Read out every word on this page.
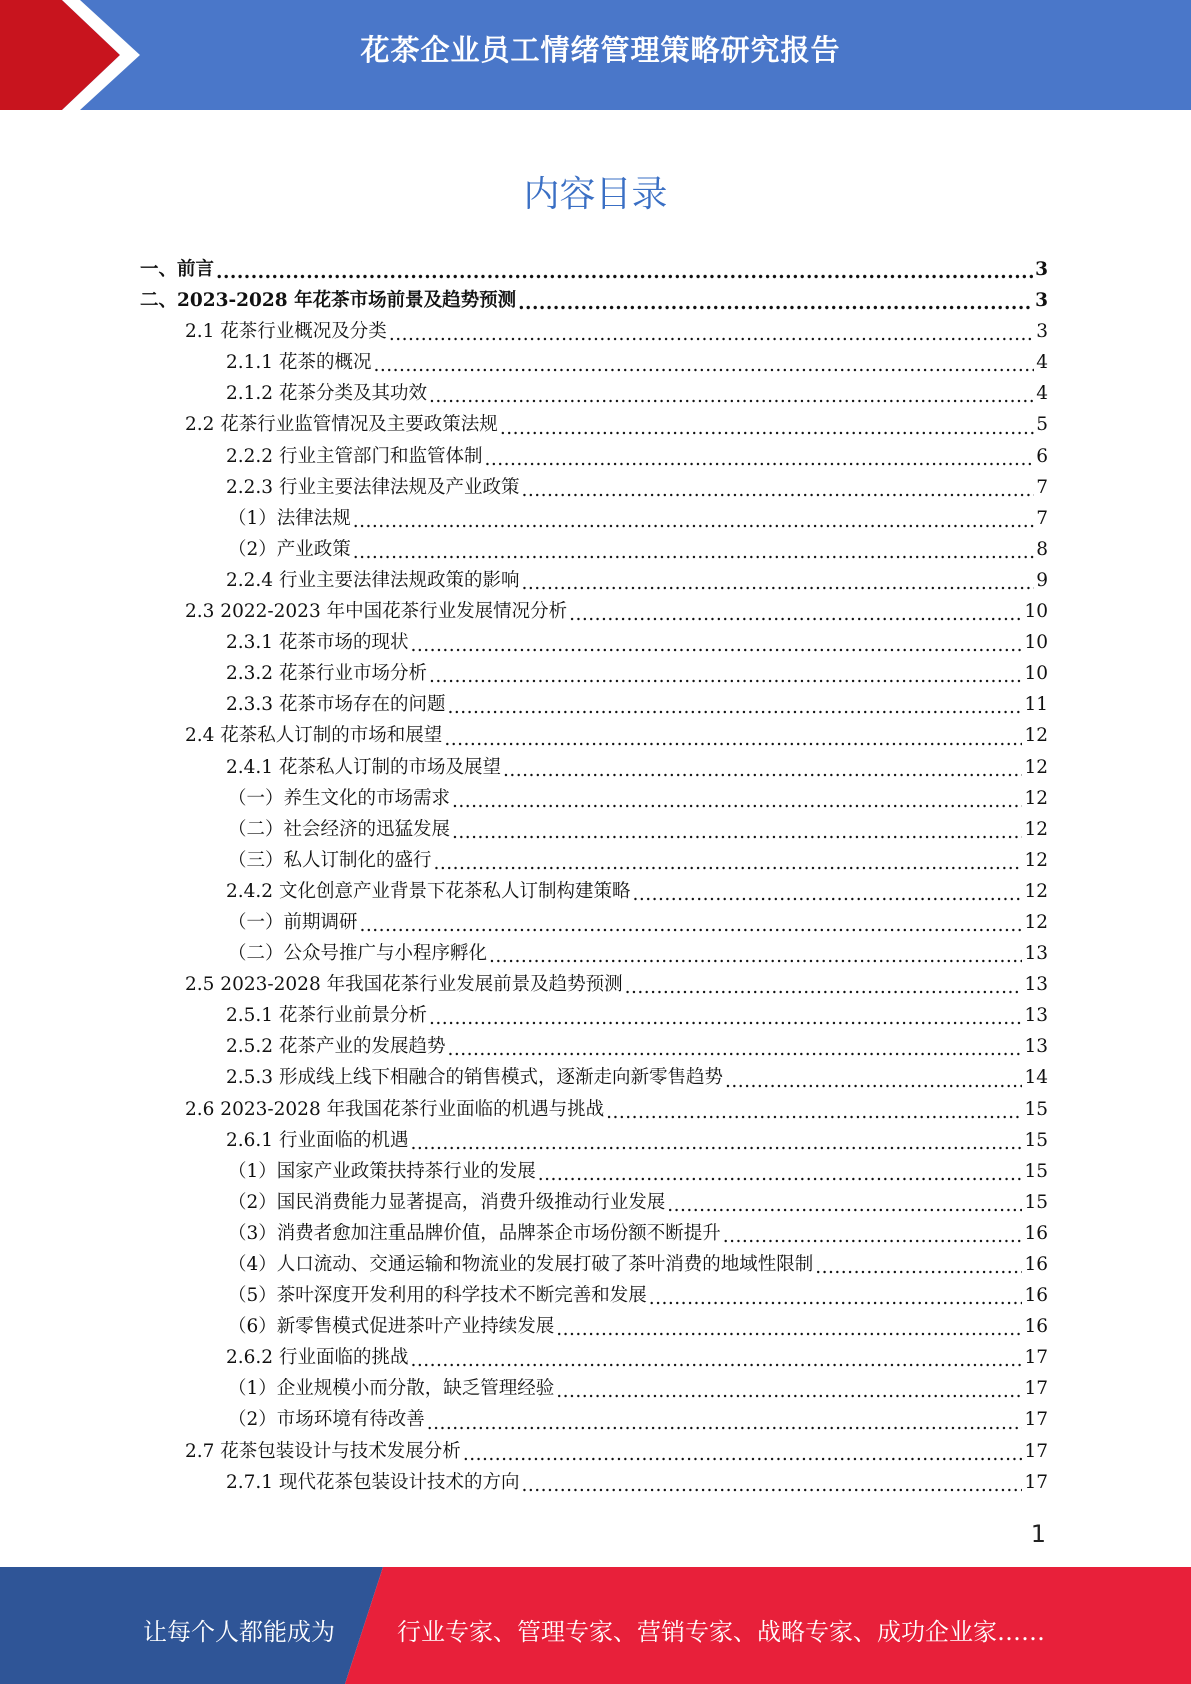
花茶企业员工情绪管理策略研究报告
内容目录
一、前言 .....	3
二、2023-2028 年花茶市场前景及趋势预测 .....	3
2.1 花茶行业概况及分类 .....	3
2.1.1 花茶的概况 .....	4
2.1.2 花茶分类及其功效 .....	4
2.2 花茶行业监管情况及主要政策法规 .....	5
2.2.2 行业主管部门和监管体制 .....	6
2.2.3 行业主要法律法规及产业政策 .....	7
（1）法律法规 .....	7
（2）产业政策 .....	8
2.2.4 行业主要法律法规政策的影响 .....	9
2.3 2022-2023 年中国花茶行业发展情况分析 .....	10
2.3.1 花茶市场的现状 .....	10
2.3.2 花茶行业市场分析 .....	10
2.3.3 花茶市场存在的问题 .....	11
2.4 花茶私人订制的市场和展望 .....	12
2.4.1 花茶私人订制的市场及展望 .....	12
（一）养生文化的市场需求 .....	12
（二）社会经济的迅猛发展 .....	12
（三）私人订制化的盛行 .....	12
2.4.2 文化创意产业背景下花茶私人订制构建策略 .....	12
（一）前期调研 .....	12
（二）公众号推广与小程序孵化 .....	13
2.5 2023-2028 年我国花茶行业发展前景及趋势预测 .....	13
2.5.1 花茶行业前景分析 .....	13
2.5.2 花茶产业的发展趋势 .....	13
2.5.3 形成线上线下相融合的销售模式，逐渐走向新零售趋势 .....	14
2.6 2023-2028 年我国花茶行业面临的机遇与挑战 .....	15
2.6.1 行业面临的机遇 .....	15
（1）国家产业政策扶持茶行业的发展 .....	15
（2）国民消费能力显著提高，消费升级推动行业发展 .....	15
（3）消费者愈加注重品牌价值，品牌茶企市场份额不断提升 .....	16
（4）人口流动、交通运输和物流业的发展打破了茶叶消费的地域性限制 .....	16
（5）茶叶深度开发利用的科学技术不断完善和发展 .....	16
（6）新零售模式促进茶叶产业持续发展 .....	16
2.6.2 行业面临的挑战 .....	17
（1）企业规模小而分散，缺乏管理经验 .....	17
（2）市场环境有待改善 .....	17
2.7 花茶包装设计与技术发展分析 .....	17
2.7.1 现代花茶包装设计技术的方向 .....	17
1
让每个人都能成为	行业专家、管理专家、营销专家、战略专家、成功企业家……
